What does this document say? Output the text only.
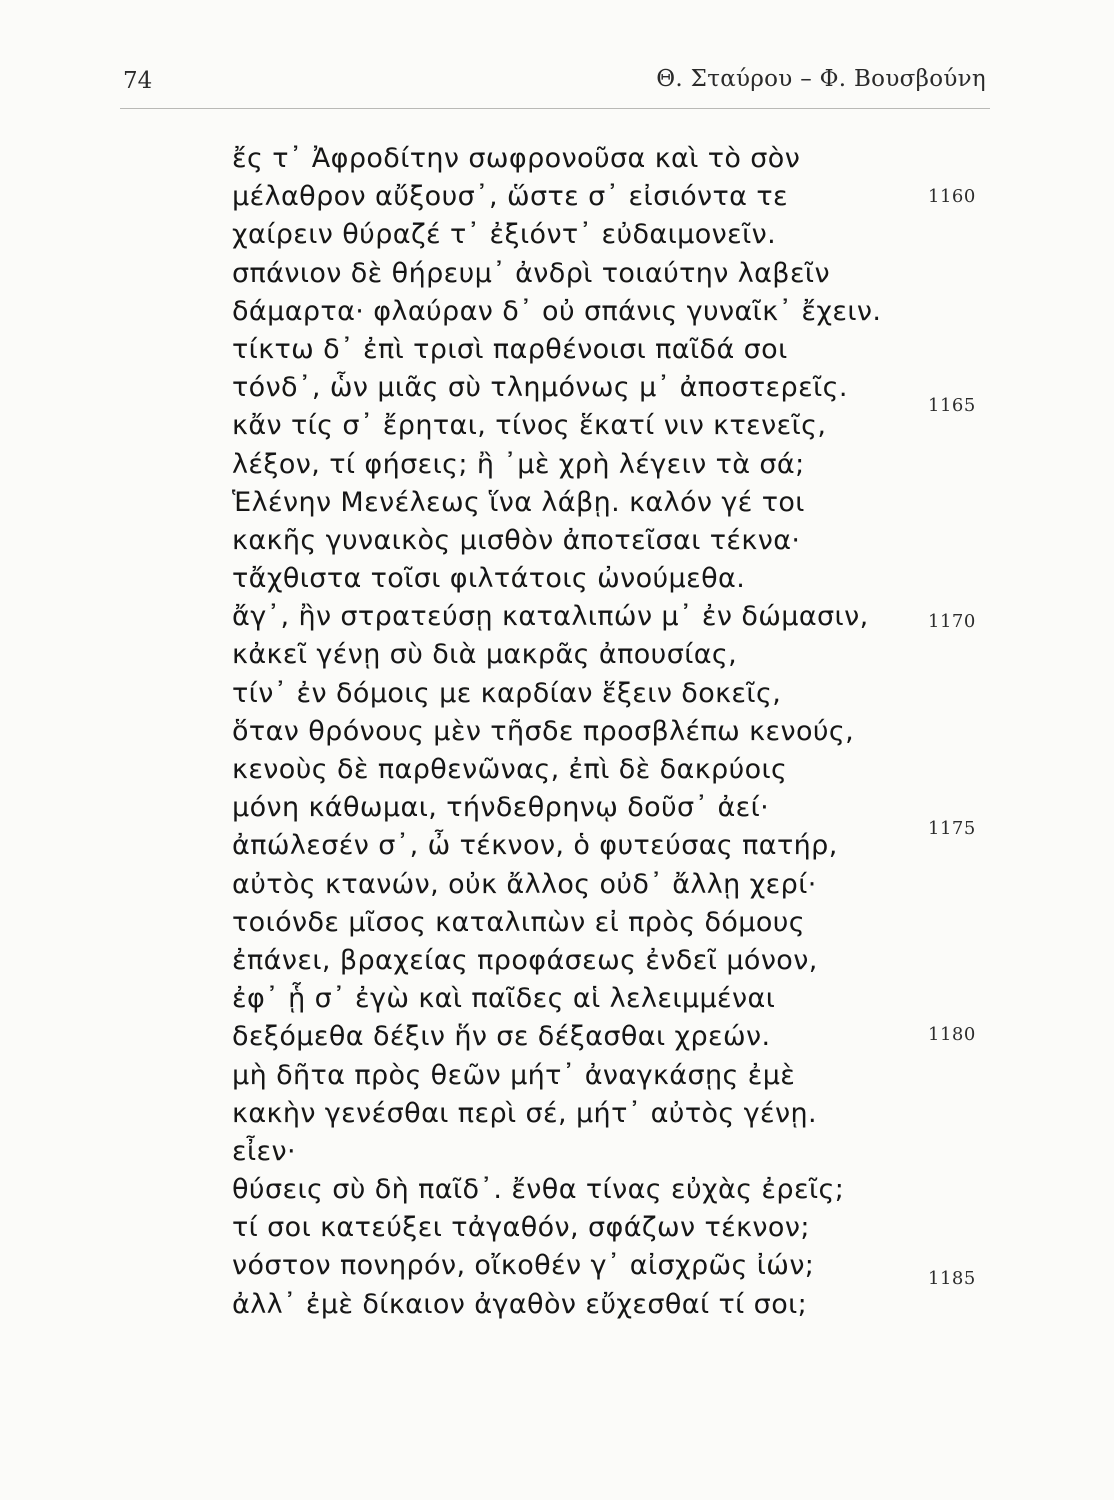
74	Θ. Σταύρου – Φ. Βουσβούνη
ἔς τ᾽ Ἀφροδίτην σωφρονοῦσα καὶ τὸ σὸν
μέλαθρον αὔξουσ᾽, ὥστε σ᾽ εἰσιόντα τε
χαίρειν θύραζέ τ᾽ ἐξιόντ᾽ εὐδαιμονεῖν.
σπάνιον δὲ θήρευμ᾽ ἀνδρὶ τοιαύτην λαβεῖν
δάμαρτα· φλαύραν δ᾽ οὐ σπάνις γυναῖκ᾽ ἔχειν.
τίκτω δ᾽ ἐπὶ τρισὶ παρθένοισι παῖδά σοι
τόνδ᾽, ὧν μιᾶς σὺ τλημόνως μ᾽ ἀποστερεῖς.
κἄν τίς σ᾽ ἔρηται, τίνος ἕκατί νιν κτενεῖς,
λέξον, τί φήσεις; ἢ ᾽μὲ χρὴ λέγειν τὰ σά;
Ἑλένην Μενέλεως ἵνα λάβῃ. καλόν γέ τοι
κακῆς γυναικὸς μισθὸν ἀποτεῖσαι τέκνα·
τἄχθιστα τοῖσι φιλτάτοις ὠνούμεθα.
ἄγ᾽, ἢν στρατεύσῃ καταλιπών μ᾽ ἐν δώμασιν,
κἀκεῖ γένῃ σὺ διὰ μακρᾶς ἀπουσίας,
τίν᾽ ἐν δόμοις με καρδίαν ἕξειν δοκεῖς,
ὅταν θρόνους μὲν τῆσδε προσβλέπω κενούς,
κενοὺς δὲ παρθενῶνας, ἐπὶ δὲ δακρύοις
μόνη κάθωμαι, τήνδεθρηνῳ δοῦσ᾽ ἀεί·
ἀπώλεσέν σ᾽, ὦ τέκνον, ὁ φυτεύσας πατήρ,
αὐτὸς κτανών, οὐκ ἄλλος οὐδ᾽ ἄλλῃ χερί·
τοιόνδε μῖσος καταλιπὼν εἰ πρὸς δόμους
ἐπάνει, βραχείας προφάσεως ἐνδεῖ μόνον,
ἐφ᾽ ᾗ σ᾽ ἐγὼ καὶ παῖδες αἱ λελειμμέναι
δεξόμεθα δέξιν ἥν σε δέξασθαι χρεών.
μὴ δῆτα πρὸς θεῶν μήτ᾽ ἀναγκάσῃς ἐμὲ
κακὴν γενέσθαι περὶ σέ, μήτ᾽ αὐτὸς γένῃ.
εἶεν·
θύσεις σὺ δὴ παῖδ᾽. ἔνθα τίνας εὐχὰς ἐρεῖς;
τί σοι κατεύξει τἀγαθόν, σφάζων τέκνον;
νόστον πονηρόν, οἴκοθέν γ᾽ αἰσχρῶς ἰών;
ἀλλ᾽ ἐμὲ δίκαιον ἀγαθὸν εὔχεσθαί τί σοι;
1160
1165
1170
1175
1180
1185
